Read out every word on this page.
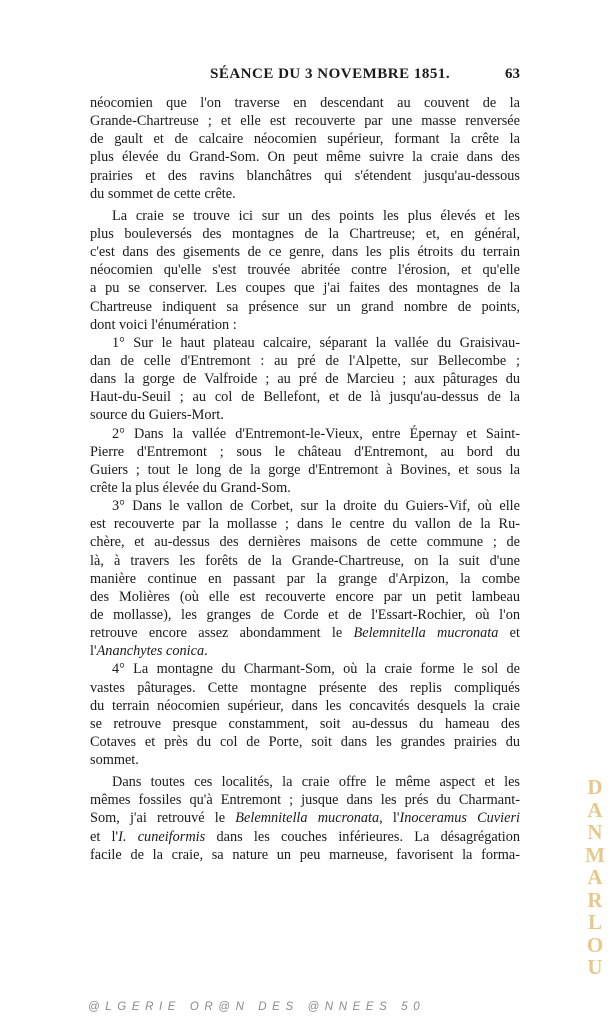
SÉANCE DU 3 NOVEMBRE 1851.	63
néocomien que l'on traverse en descendant au couvent de la
Grande-Chartreuse ; et elle est recouverte par une masse renversée
de gault et de calcaire néocomien supérieur, formant la crête la
plus élevée du Grand-Som. On peut même suivre la craie dans des
prairies et des ravins blanchâtres qui s'étendent jusqu'au-dessous
du sommet de cette crête.
La craie se trouve ici sur un des points les plus élevés et les
plus bouleversés des montagnes de la Chartreuse; et, en général,
c'est dans des gisements de ce genre, dans les plis étroits du terrain
néocomien qu'elle s'est trouvée abritée contre l'érosion, et qu'elle
a pu se conserver. Les coupes que j'ai faites des montagnes de la
Chartreuse indiquent sa présence sur un grand nombre de points,
dont voici l'énumération :
1° Sur le haut plateau calcaire, séparant la vallée du Graisivau-
dan de celle d'Entremont : au pré de l'Alpette, sur Bellecombe ;
dans la gorge de Valfroide ; au pré de Marcieu ; aux pâturages du
Haut-du-Seuil ; au col de Bellefont, et de là jusqu'au-dessus de la
source du Guiers-Mort.
2° Dans la vallée d'Entremont-le-Vieux, entre Épernay et Saint-
Pierre d'Entremont ; sous le château d'Entremont, au bord du
Guiers ; tout le long de la gorge d'Entremont à Bovines, et sous la
crête la plus élevée du Grand-Som.
3° Dans le vallon de Corbet, sur la droite du Guiers-Vif, où elle
est recouverte par la mollasse ; dans le centre du vallon de la Ru-
chère, et au-dessus des dernières maisons de cette commune ; de
là, à travers les forêts de la Grande-Chartreuse, on la suit d'une
manière continue en passant par la grange d'Arpizon, la combe
des Molières (où elle est recouverte encore par un petit lambeau
de mollasse), les granges de Corde et de l'Essart-Rochier, où l'on
retrouve encore assez abondamment le Belemnitella mucronata et
l'Ananchytes conica.
4° La montagne du Charmant-Som, où la craie forme le sol de
vastes pâturages. Cette montagne présente des replis compliqués
du terrain néocomien supérieur, dans les concavités desquels la craie
se retrouve presque constamment, soit au-dessus du hameau des
Cotaves et près du col de Porte, soit dans les grandes prairies du
sommet.
Dans toutes ces localités, la craie offre le même aspect et les
mêmes fossiles qu'à Entremont ; jusque dans les prés du Charmant-
Som, j'ai retrouvé le Belemnitella mucronata, l'Inoceramus Cuvieri
et l'I. cuneiformis dans les couches inférieures. La désagrégation
facile de la craie, sa nature un peu marneuse, favorisent la forma-
D
A
N
M
A
R
L
O
U
@LGERIE OR@N DES @NNEES 50
